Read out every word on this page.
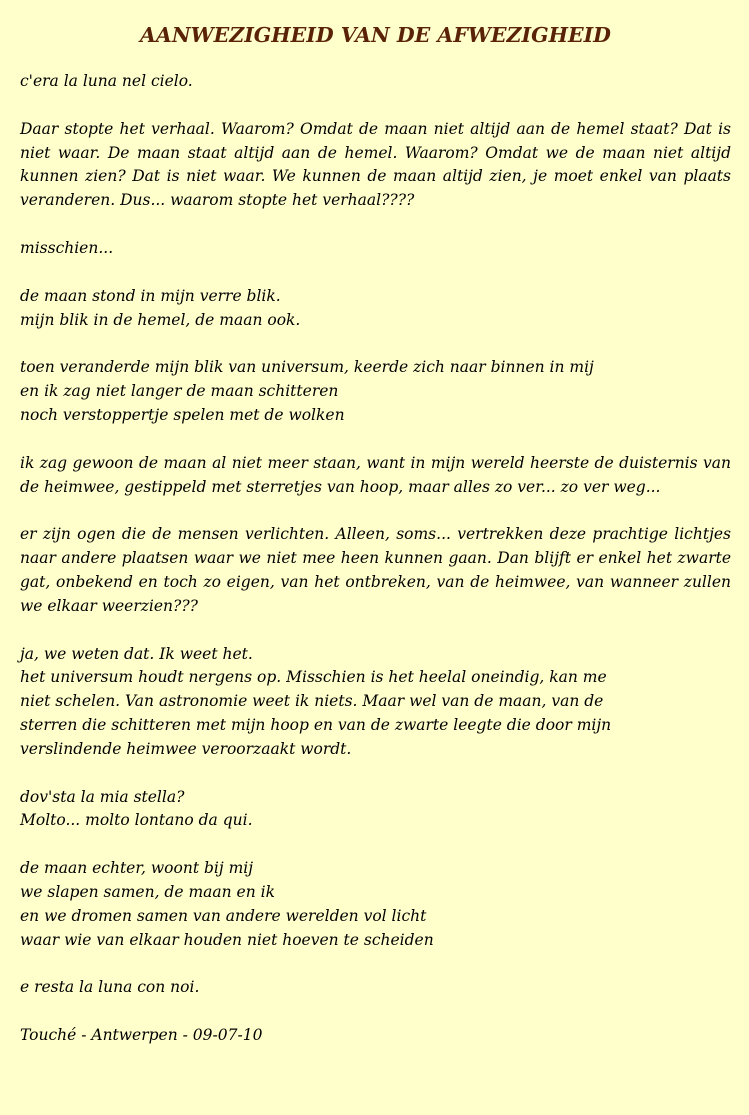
AANWEZIGHEID VAN DE AFWEZIGHEID

c'era la luna nel cielo.

Daar stopte het verhaal. Waarom? Omdat de maan niet altijd aan de hemel staat? Dat is niet waar. De maan staat altijd aan de hemel. Waarom? Omdat we de maan niet altijd kunnen zien? Dat is niet waar. We kunnen de maan altijd zien, je moet enkel van plaats veranderen. Dus... waarom stopte het verhaal????

misschien...

de maan stond in mijn verre blik.
mijn blik in de hemel, de maan ook.

toen veranderde mijn blik van universum, keerde zich naar binnen in mij
en ik zag niet langer de maan schitteren
noch verstoppertje spelen met de wolken

ik zag gewoon de maan al niet meer staan, want in mijn wereld heerste de duisternis van de heimwee, gestippeld met sterretjes van hoop, maar alles zo ver... zo ver weg...

er zijn ogen die de mensen verlichten. Alleen, soms... vertrekken deze prachtige lichtjes naar andere plaatsen waar we niet mee heen kunnen gaan. Dan blijft er enkel het zwarte gat, onbekend en toch zo eigen, van het ontbreken, van de heimwee, van wanneer zullen we elkaar weerzien???

ja, we weten dat. Ik weet het.
het universum houdt nergens op. Misschien is het heelal oneindig, kan me
niet schelen. Van astronomie weet ik niets. Maar wel van de maan, van de
sterren die schitteren met mijn hoop en van de zwarte leegte die door mijn
verslindende heimwee veroorzaakt wordt.

dov'sta la mia stella?
Molto... molto lontano da qui.

de maan echter, woont bij mij
we slapen samen, de maan en ik
en we dromen samen van andere werelden vol licht
waar wie van elkaar houden niet hoeven te scheiden

e resta la luna con noi.

Touché - Antwerpen - 09-07-10
